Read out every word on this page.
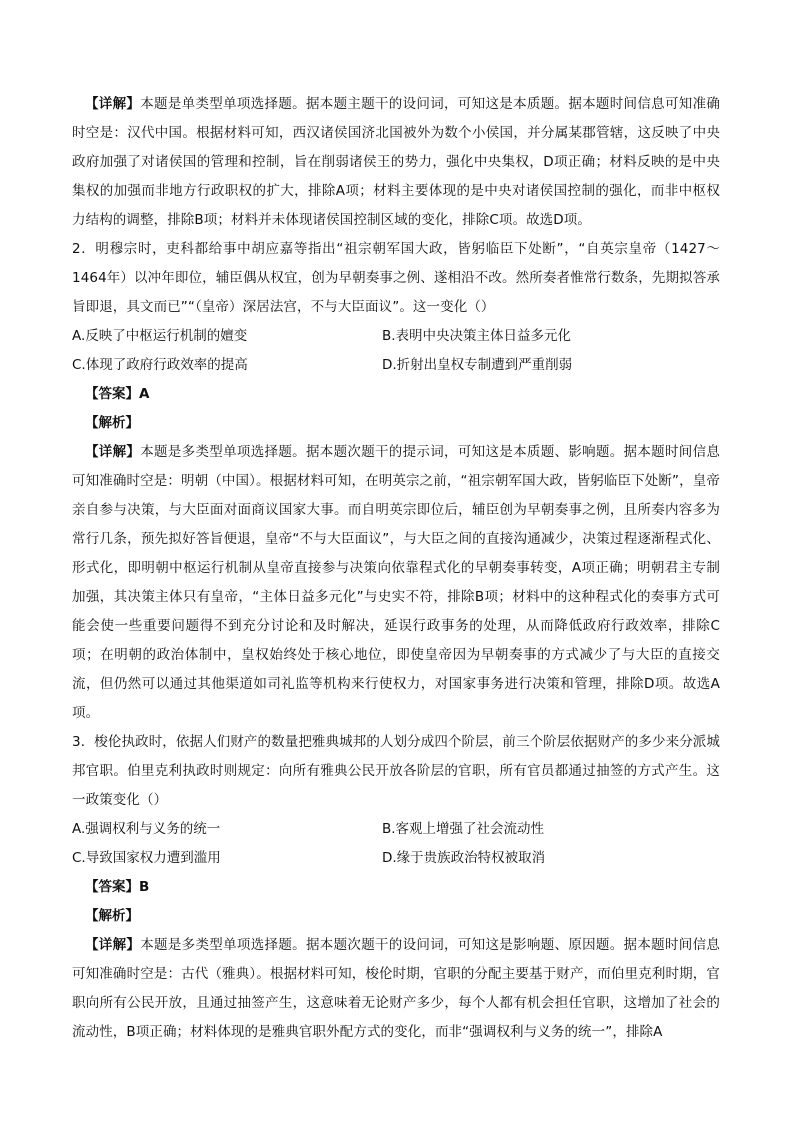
【详解】本题是单类型单项选择题。据本题主题干的设问词，可知这是本质题。据本题时间信息可知准确时空是：汉代中国。根据材料可知，西汉诸侯国济北国被外为数个小侯国，并分属某郡管辖，这反映了中央政府加强了对诸侯国的管理和控制，旨在削弱诸侯王的势力，强化中央集权，D项正确；材料反映的是中央集权的加强而非地方行政职权的扩大，排除A项；材料主要体现的是中央对诸侯国控制的强化，而非中枢权力结构的调整，排除B项；材料并未体现诸侯国控制区域的变化，排除C项。故选D项。

2．明穆宗时，吏科都给事中胡应嘉等指出“祖宗朝军国大政，皆躬临臣下处断”，“自英宗皇帝（1427～1464年）以冲年即位，辅臣偶从权宜，创为早朝奏事之例、遂相沿不改。然所奏者惟常行数条，先期拟答承旨即退，具文而已”“（皇帝）深居法宫，不与大臣面议”。这一变化（）

A.反映了中枢运行机制的嬗变	B.表明中央决策主体日益多元化
C.体现了政府行政效率的提高	D.折射出皇权专制遭到严重削弱
【答案】A
【解析】

【详解】本题是多类型单项选择题。据本题次题干的提示词，可知这是本质题、影响题。据本题时间信息可知准确时空是：明朝（中国）。根据材料可知，在明英宗之前，“祖宗朝军国大政，皆躬临臣下处断”，皇帝亲自参与决策，与大臣面对面商议国家大事。而自明英宗即位后，辅臣创为早朝奏事之例，且所奏内容多为常行几条，预先拟好答旨便退，皇帝“不与大臣面议”，与大臣之间的直接沟通减少，决策过程逐渐程式化、形式化，即明朝中枢运行机制从皇帝直接参与决策向依靠程式化的早朝奏事转变，A项正确；明朝君主专制加强，其决策主体只有皇帝，“主体日益多元化”与史实不符，排除B项；材料中的这种程式化的奏事方式可能会使一些重要问题得不到充分讨论和及时解决，延误行政事务的处理，从而降低政府行政效率，排除C项；在明朝的政治体制中，皇权始终处于核心地位，即使皇帝因为早朝奏事的方式减少了与大臣的直接交流，但仍然可以通过其他渠道如司礼监等机构来行使权力，对国家事务进行决策和管理，排除D项。故选A项。

3．梭伦执政时，依据人们财产的数量把雅典城邦的人划分成四个阶层，前三个阶层依据财产的多少来分派城邦官职。伯里克利执政时则规定：向所有雅典公民开放各阶层的官职，所有官员都通过抽签的方式产生。这一政策变化（）

A.强调权利与义务的统一	B.客观上增强了社会流动性
C.导致国家权力遭到滥用	D.缘于贵族政治特权被取消
【答案】B
【解析】

【详解】本题是多类型单项选择题。据本题次题干的设问词，可知这是影响题、原因题。据本题时间信息可知准确时空是：古代（雅典）。根据材料可知，梭伦时期，官职的分配主要基于财产，而伯里克利时期，官职向所有公民开放，且通过抽签产生，这意味着无论财产多少，每个人都有机会担任官职，这增加了社会的流动性，B项正确；材料体现的是雅典官职外配方式的变化，而非“强调权利与义务的统一”，排除A
